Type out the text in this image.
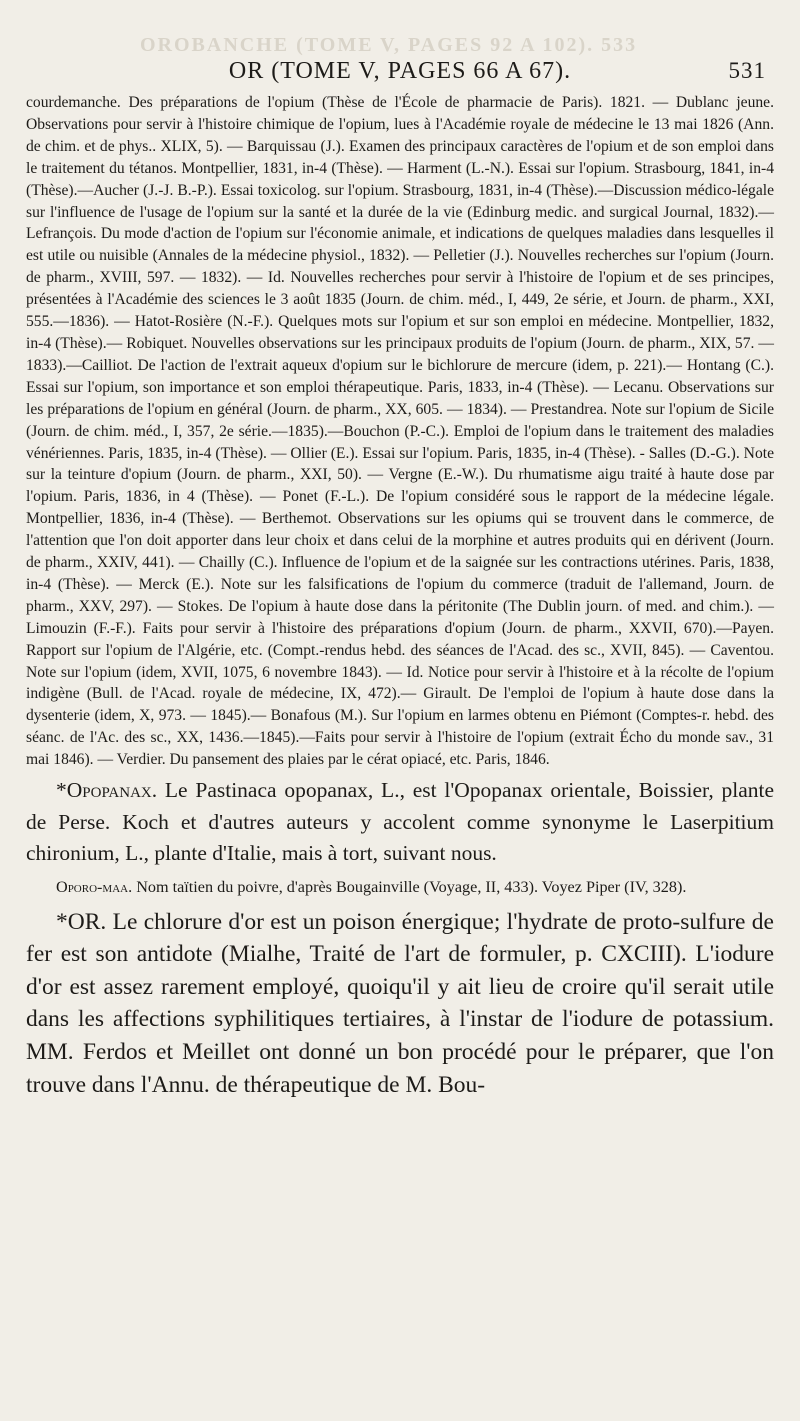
OROBANCHE (TOME V, PAGES 92 A 102). 533
OR (TOME V, PAGES 66 A 67).	531

courdemanche. Des préparations de l'opium (Thèse de l'École de pharmacie de Paris). 1821. — Dublanc jeune. Observations pour servir à l'histoire chimique de l'opium, lues à l'Académie royale de médecine le 13 mai 1826 (Ann. de chim. et de phys.. XLIX, 5). — Barquissau (J.). Examen des principaux caractères de l'opium et de son emploi dans le traitement du tétanos. Montpellier, 1831, in-4 (Thèse). — Harment (L.-N.). Essai sur l'opium. Strasbourg, 1841, in-4 (Thèse).—Aucher (J.-J. B.-P.). Essai toxicolog. sur l'opium. Strasbourg, 1831, in-4 (Thèse).—Discussion médico-légale sur l'influence de l'usage de l'opium sur la santé et la durée de la vie (Edinburg medic. and surgical Journal, 1832).— Lefrançois. Du mode d'action de l'opium sur l'économie animale, et indications de quelques maladies dans lesquelles il est utile ou nuisible (Annales de la médecine physiol., 1832). — Pelletier (J.). Nouvelles recherches sur l'opium (Journ. de pharm., XVIII, 597. — 1832). — Id. Nouvelles recherches pour servir à l'histoire de l'opium et de ses principes, présentées à l'Académie des sciences le 3 août 1835 (Journ. de chim. méd., I, 449, 2e série, et Journ. de pharm., XXI, 555.—1836). — Hatot-Rosière (N.-F.). Quelques mots sur l'opium et sur son emploi en médecine. Montpellier, 1832, in-4 (Thèse).— Robiquet. Nouvelles observations sur les principaux produits de l'opium (Journ. de pharm., XIX, 57. — 1833).—Cailliot. De l'action de l'extrait aqueux d'opium sur le bichlorure de mercure (idem, p. 221).— Hontang (C.). Essai sur l'opium, son importance et son emploi thérapeutique. Paris, 1833, in-4 (Thèse). — Lecanu. Observations sur les préparations de l'opium en général (Journ. de pharm., XX, 605. — 1834). — Prestandrea. Note sur l'opium de Sicile (Journ. de chim. méd., I, 357, 2e série.—1835).—Bouchon (P.-C.). Emploi de l'opium dans le traitement des maladies vénériennes. Paris, 1835, in-4 (Thèse). — Ollier (E.). Essai sur l'opium. Paris, 1835, in-4 (Thèse). - Salles (D.-G.). Note sur la teinture d'opium (Journ. de pharm., XXI, 50). — Vergne (E.-W.). Du rhumatisme aigu traité à haute dose par l'opium. Paris, 1836, in 4 (Thèse). — Ponet (F.-L.). De l'opium considéré sous le rapport de la médecine légale. Montpellier, 1836, in-4 (Thèse). — Berthemot. Observations sur les opiums qui se trouvent dans le commerce, de l'attention que l'on doit apporter dans leur choix et dans celui de la morphine et autres produits qui en dérivent (Journ. de pharm., XXIV, 441). — Chailly (C.). Influence de l'opium et de la saignée sur les contractions utérines. Paris, 1838, in-4 (Thèse). — Merck (E.). Note sur les falsifications de l'opium du commerce (traduit de l'allemand, Journ. de pharm., XXV, 297). — Stokes. De l'opium à haute dose dans la péritonite (The Dublin journ. of med. and chim.). — Limouzin (F.-F.). Faits pour servir à l'histoire des préparations d'opium (Journ. de pharm., XXVII, 670).—Payen. Rapport sur l'opium de l'Algérie, etc. (Compt.-rendus hebd. des séances de l'Acad. des sc., XVII, 845). — Caventou. Note sur l'opium (idem, XVII, 1075, 6 novembre 1843). — Id. Notice pour servir à l'histoire et à la récolte de l'opium indigène (Bull. de l'Acad. royale de médecine, IX, 472).— Girault. De l'emploi de l'opium à haute dose dans la dysenterie (idem, X, 973. — 1845).— Bonafous (M.). Sur l'opium en larmes obtenu en Piémont (Comptes-r. hebd. des séanc. de l'Ac. des sc., XX, 1436.—1845).—Faits pour servir à l'histoire de l'opium (extrait Écho du monde sav., 31 mai 1846). — Verdier. Du pansement des plaies par le cérat opiacé, etc. Paris, 1846.

*Opopanax. Le Pastinaca opopanax, L., est l'Opopanax orientale, Boissier, plante de Perse. Koch et d'autres auteurs y accolent comme synonyme le Laserpitium chironium, L., plante d'Italie, mais à tort, suivant nous.

Oporo-maa. Nom taïtien du poivre, d'après Bougainville (Voyage, II, 433). Voyez Piper (IV, 328).

*OR. Le chlorure d'or est un poison énergique; l'hydrate de proto-sulfure de fer est son antidote (Mialhe, Traité de l'art de formuler, p. CXCIII). L'iodure d'or est assez rarement employé, quoiqu'il y ait lieu de croire qu'il serait utile dans les affections syphilitiques tertiaires, à l'instar de l'iodure de potassium. MM. Ferdos et Meillet ont donné un bon procédé pour le préparer, que l'on trouve dans l'Annu. de thérapeutique de M. Bou-
